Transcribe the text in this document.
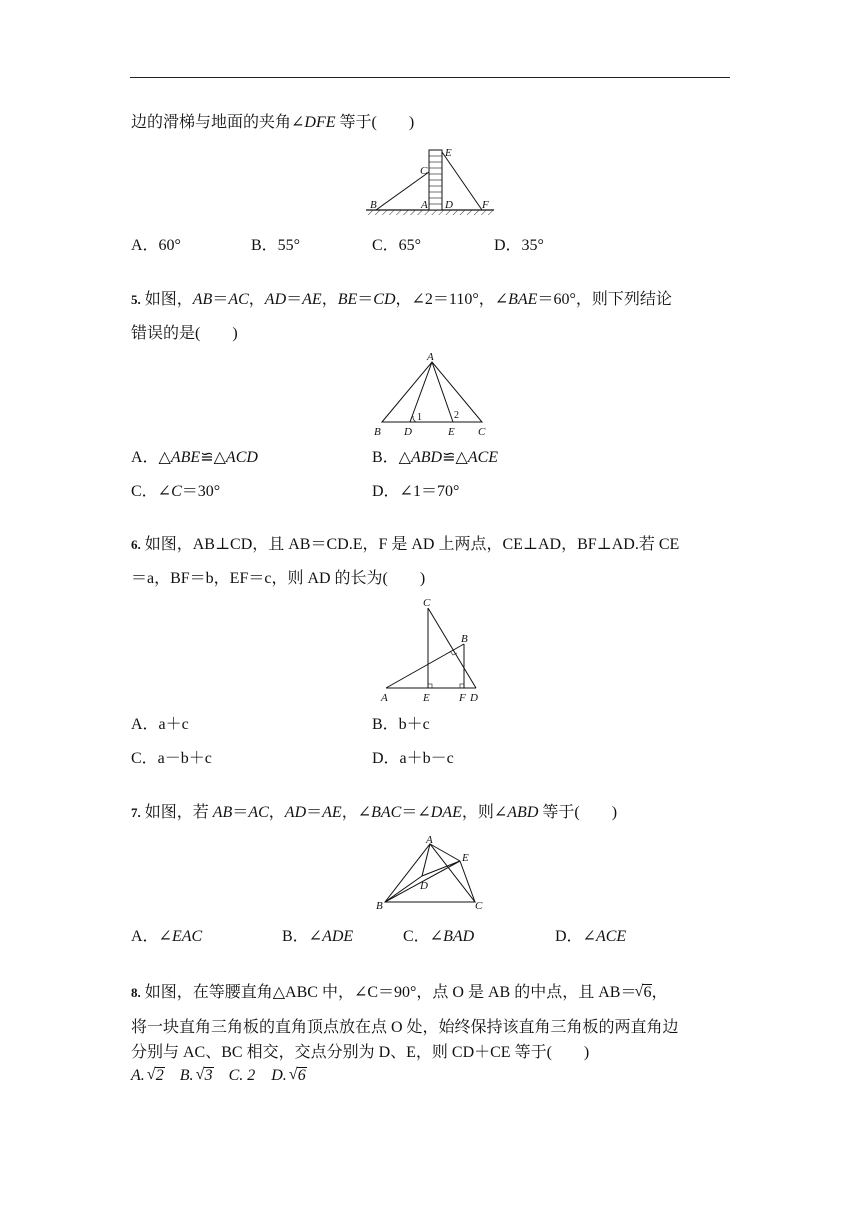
边的滑梯与地面的夹角∠DFE 等于(　　)
B
C
A D
E
F
A．60°	B．55°	C．65°	D．35°
5. 如图，AB＝AC，AD＝AE，BE＝CD，∠2＝110°，∠BAE＝60°，则下列结论
错误的是(　　)
A
B D	E C
1	2
A．△ABE≌△ACD	B．△ABD≌△ACE
C．∠C＝30°	D．∠1＝70°
6. 如图，AB⊥CD，且 AB＝CD.E，F 是 AD 上两点，CE⊥AD，BF⊥AD.若 CE
＝a，BF＝b，EF＝c，则 AD 的长为(　　)
C
B
A	E	F D
A．a＋c	B．b＋c
C．a－b＋c	D．a＋b－c
7. 如图，若 AB＝AC，AD＝AE，∠BAC＝∠DAE，则∠ABD 等于(　　)
A
E
D
B	C
A．∠EAC	B．∠ADE	C．∠BAD	D．∠ACE
8. 如图，在等腰直角△ABC 中，∠C＝90°，点 O 是 AB 的中点，且 AB＝√ 6，
将一块直角三角板的直角顶点放在点 O 处，始终保持该直角三角板的两直角边
分别与 AC、BC 相交，交点分别为 D、E，则 CD＋CE 等于(　　)
A. √ 2 B. √ 3 C. 2 D. √ 6
